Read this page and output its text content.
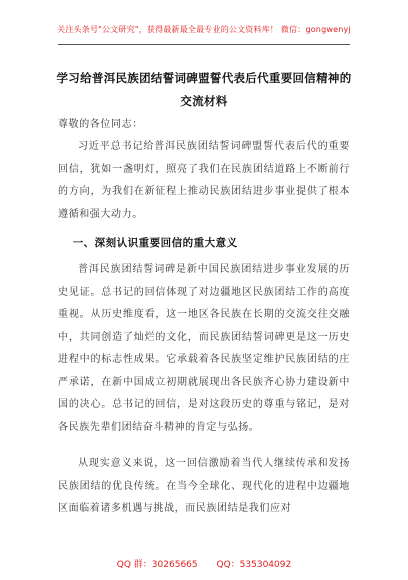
关注头条号"公文研究"，获得最新最全最专业的公文资料库！ 微信：gongwenyj
学习给普洱民族团结誓词碑盟誓代表后代重要回信精神的
交流材料

尊敬的各位同志：

习近平总书记给普洱民族团结誓词碑盟誓代表后代的重要回信，犹如一盏明灯，照亮了我们在民族团结道路上不断前行的方向，为我们在新征程上推动民族团结进步事业提供了根本遵循和强大动力。

一、深刻认识重要回信的重大意义

普洱民族团结誓词碑是新中国民族团结进步事业发展的历史见证。总书记的回信体现了对边疆地区民族团结工作的高度重视。从历史维度看，这一地区各民族在长期的交流交往交融中，共同创造了灿烂的文化，而民族团结誓词碑更是这一历史进程中的标志性成果。它承载着各民族坚定维护民族团结的庄严承诺，在新中国成立初期就展现出各民族齐心协力建设新中国的决心。总书记的回信，是对这段历史的尊重与铭记，是对各民族先辈们团结奋斗精神的肯定与弘扬。

从现实意义来说，这一回信激励着当代人继续传承和发扬民族团结的优良传统。在当今全球化、现代化的进程中边疆地区面临着诸多机遇与挑战，而民族团结是我们应对

QQ 群：30265665 QQ：535304092
